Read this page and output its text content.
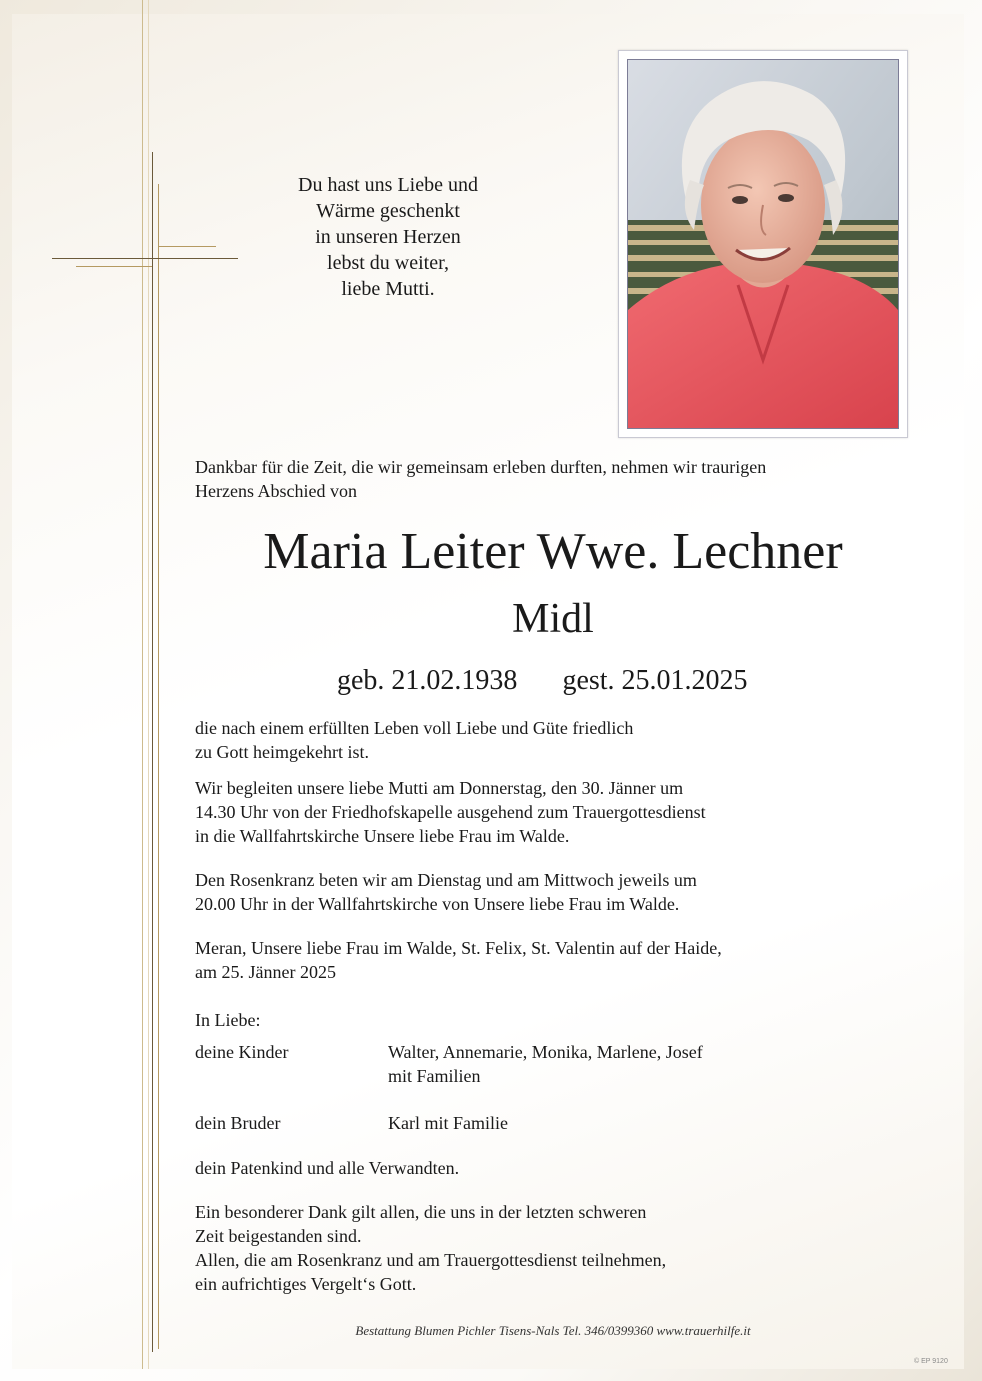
Du hast uns Liebe und
Wärme geschenkt
in unseren Herzen
lebst du weiter,
liebe Mutti.
Dankbar für die Zeit, die wir gemeinsam erleben durften, nehmen wir traurigen
Herzens Abschied von
Maria Leiter Wwe. Lechner
Midl
geb. 21.02.1938 gest. 25.01.2025
die nach einem erfüllten Leben voll Liebe und Güte friedlich
zu Gott heimgekehrt ist.
Wir begleiten unsere liebe Mutti am Donnerstag, den 30. Jänner um
14.30 Uhr von der Friedhofskapelle ausgehend zum Trauergottesdienst
in die Wallfahrtskirche Unsere liebe Frau im Walde.
Den Rosenkranz beten wir am Dienstag und am Mittwoch jeweils um
20.00 Uhr in der Wallfahrtskirche von Unsere liebe Frau im Walde.
Meran, Unsere liebe Frau im Walde, St. Felix, St. Valentin auf der Haide,
am 25. Jänner 2025
In Liebe:
deine Kinder	Walter, Annemarie, Monika, Marlene, Josef
mit Familien
dein Bruder	Karl mit Familie
dein Patenkind und alle Verwandten.
Ein besonderer Dank gilt allen, die uns in der letzten schweren
Zeit beigestanden sind.
Allen, die am Rosenkranz und am Trauergottesdienst teilnehmen,
ein aufrichtiges Vergelt‘s Gott.
Bestattung Blumen Pichler Tisens-Nals Tel. 346/0399360 www.trauerhilfe.it
© EP 9120
